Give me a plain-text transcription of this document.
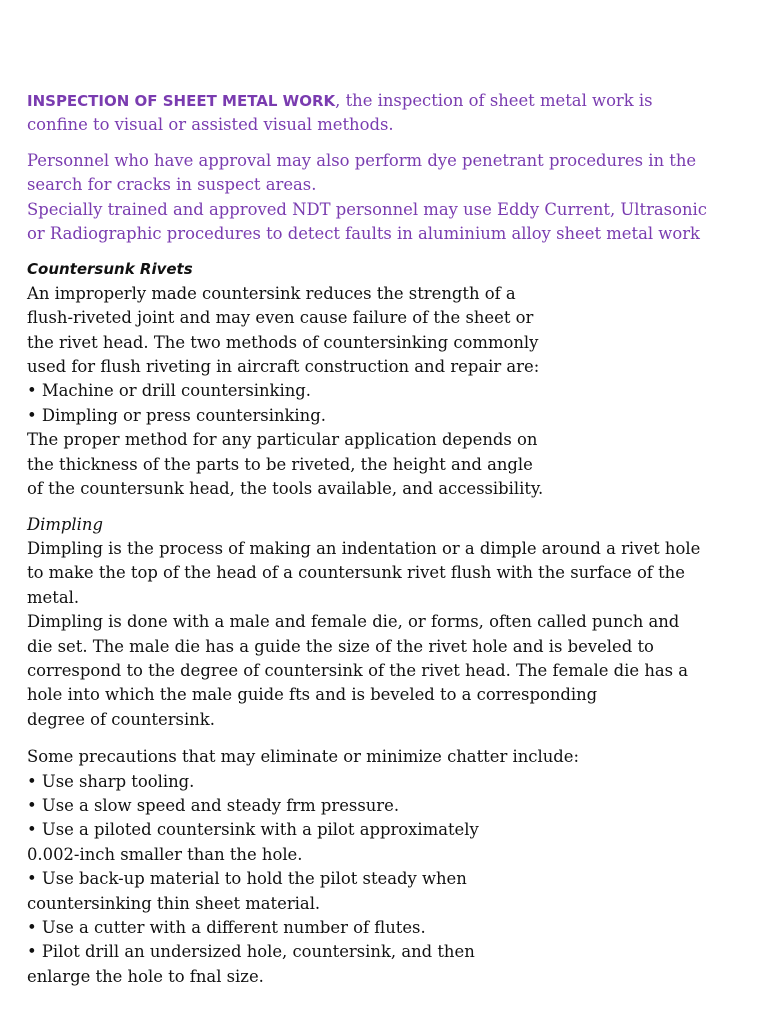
INSPECTION OF SHEET METAL WORK, the inspection of sheet metal work is
confine to visual or assisted visual methods.
Personnel who have approval may also perform dye penetrant procedures in the
search for cracks in suspect areas.
Specially trained and approved NDT personnel may use Eddy Current, Ultrasonic
or Radiographic procedures to detect faults in aluminium alloy sheet metal work
Countersunk Rivets
An improperly made countersink reduces the strength of a
flush-riveted joint and may even cause failure of the sheet or
the rivet head. The two methods of countersinking commonly
used for flush riveting in aircraft construction and repair are:
• Machine or drill countersinking.
• Dimpling or press countersinking.
The proper method for any particular application depends on
the thickness of the parts to be riveted, the height and angle
of the countersunk head, the tools available, and accessibility.
Dimpling
Dimpling is the process of making an indentation or a dimple around a rivet hole
to make the top of the head of a countersunk rivet flush with the surface of the
metal.
Dimpling is done with a male and female die, or forms, often called punch and
die set. The male die has a guide the size of the rivet hole and is beveled to
correspond to the degree of countersink of the rivet head. The female die has a
hole into which the male guide fts and is beveled to a corresponding
degree of countersink.
Some precautions that may eliminate or minimize chatter include:
• Use sharp tooling.
• Use a slow speed and steady frm pressure.
• Use a piloted countersink with a pilot approximately
0.002-inch smaller than the hole.
• Use back-up material to hold the pilot steady when
countersinking thin sheet material.
• Use a cutter with a different number of flutes.
• Pilot drill an undersized hole, countersink, and then
enlarge the hole to fnal size.
